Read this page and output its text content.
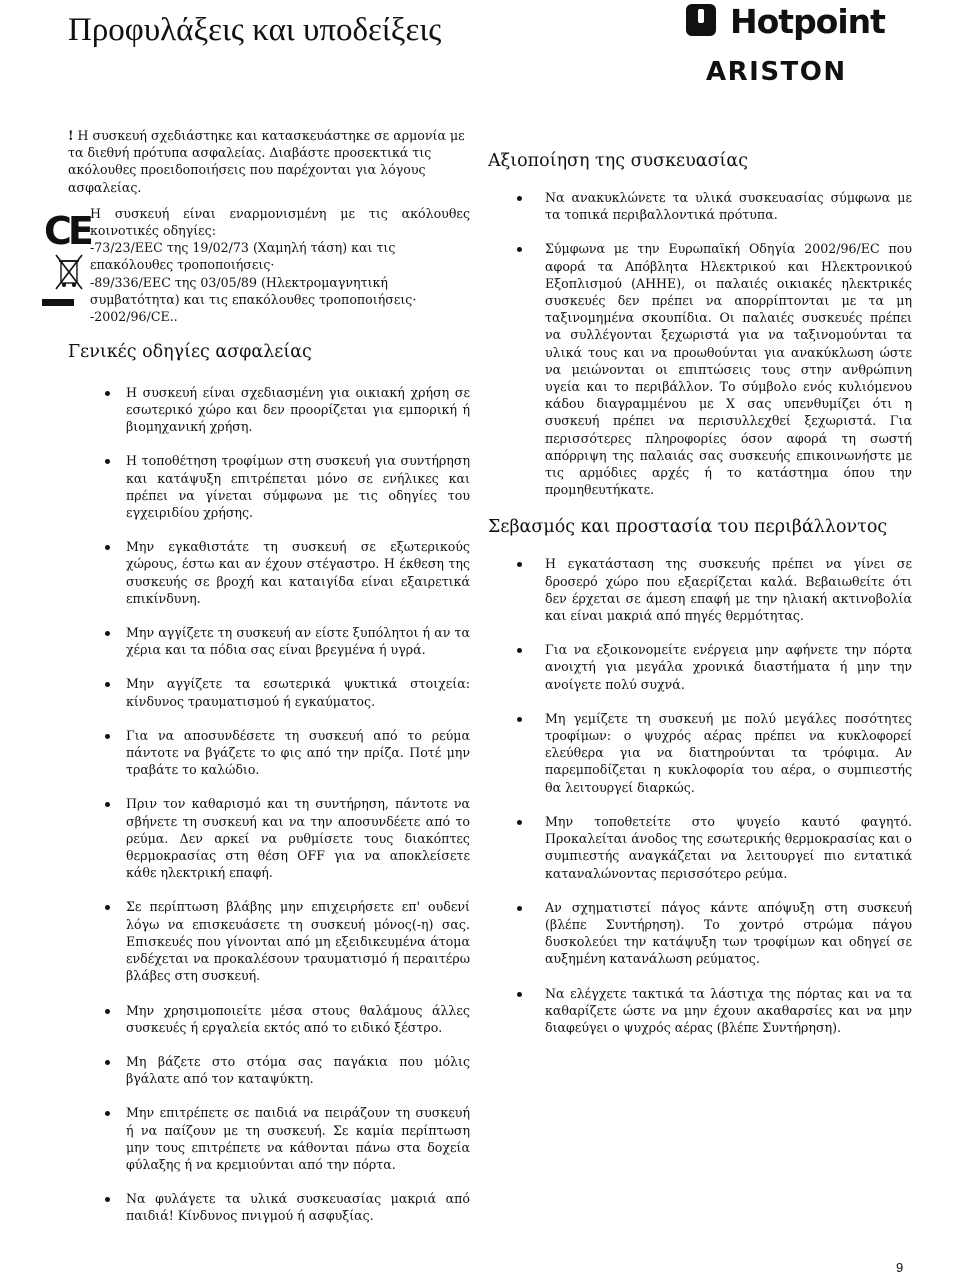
Προφυλάξεις και υποδείξεις	Hotpoint
ARISTON
! Η συσκευή σχεδιάστηκε και κατασκευάστηκε σε αρμονία με τα διεθνή πρότυπα ασφαλείας. Διαβάστε προσεκτικά τις ακόλουθες προειδοποιήσεις που παρέχονται για λόγους ασφαλείας.
CE Η συσκευή είναι εναρμονισμένη με τις ακόλουθες
κοινοτικές οδηγίες:
-73/23/EEC της 19/02/73 (Χαμηλή τάση) και τις
επακόλουθες τροποποιήσεις·
-89/336/EEC της 03/05/89 (Ηλεκτρομαγνητική
συμβατότητα) και τις επακόλουθες τροποποιήσεις·
-2002/96/CE..
Γενικές οδηγίες ασφαλείας
Η συσκευή είναι σχεδιασμένη για οικιακή χρήση σε εσωτερικό χώρο και δεν προορίζεται για εμπορική ή βιομηχανική χρήση.
Η τοποθέτηση τροφίμων στη συσκευή για συντήρηση και κατάψυξη επιτρέπεται μόνο σε ενήλικες και πρέπει να γίνεται σύμφωνα με τις οδηγίες του εγχειριδίου χρήσης.
Μην εγκαθιστάτε τη συσκευή σε εξωτερικούς χώρους, έστω και αν έχουν στέγαστρο. Η έκθεση της συσκευής σε βροχή και καταιγίδα είναι εξαιρετικά επικίνδυνη.
Μην αγγίζετε τη συσκευή αν είστε ξυπόλητοι ή αν τα χέρια και τα πόδια σας είναι βρεγμένα ή υγρά.
Μην αγγίζετε τα εσωτερικά ψυκτικά στοιχεία: κίνδυνος τραυματισμού ή εγκαύματος.
Για να αποσυνδέσετε τη συσκευή από το ρεύμα πάντοτε να βγάζετε το φις από την πρίζα. Ποτέ μην τραβάτε το καλώδιο.
Πριν τον καθαρισμό και τη συντήρηση, πάντοτε να σβήνετε τη συσκευή και να την αποσυνδέετε από το ρεύμα. Δεν αρκεί να ρυθμίσετε τους διακόπτες θερμοκρασίας στη θέση OFF για να αποκλείσετε κάθε ηλεκτρική επαφή.
Σε περίπτωση βλάβης μην επιχειρήσετε επ' ουδενί λόγω να επισκευάσετε τη συσκευή μόνος(-η) σας. Επισκευές που γίνονται από μη εξειδικευμένα άτομα ενδέχεται να προκαλέσουν τραυματισμό ή περαιτέρω βλάβες στη συσκευή.
Μην χρησιμοποιείτε μέσα στους θαλάμους άλλες συσκευές ή εργαλεία εκτός από το ειδικό ξέστρο.
Μη βάζετε στο στόμα σας παγάκια που μόλις βγάλατε από τον καταψύκτη.
Μην επιτρέπετε σε παιδιά να πειράζουν τη συσκευή ή να παίζουν με τη συσκευή. Σε καμία περίπτωση μην τους επιτρέπετε να κάθονται πάνω στα δοχεία φύλαξης ή να κρεμιούνται από την πόρτα.
Να φυλάγετε τα υλικά συσκευασίας μακριά από παιδιά! Κίνδυνος πνιγμού ή ασφυξίας.
Αξιοποίηση της συσκευασίας
Να ανακυκλώνετε τα υλικά συσκευασίας σύμφωνα με τα τοπικά περιβαλλοντικά πρότυπα.
Σύμφωνα με την Ευρωπαϊκή Οδηγία 2002/96/EC που αφορά τα Απόβλητα Ηλεκτρικού και Ηλεκτρονικού Εξοπλισμού (ΑΗΗΕ), οι παλαιές οικιακές ηλεκτρικές συσκευές δεν πρέπει να απορρίπτονται με τα μη ταξινομημένα σκουπίδια. Οι παλαιές συσκευές πρέπει να συλλέγονται ξεχωριστά για να ταξινομούνται τα υλικά τους και να προωθούνται για ανακύκλωση ώστε να μειώνονται οι επιπτώσεις τους στην ανθρώπινη υγεία και το περιβάλλον. Το σύμβολο ενός κυλιόμενου κάδου διαγραμμένου με Χ σας υπενθυμίζει ότι η συσκευή πρέπει να περισυλλεχθεί ξεχωριστά. Για περισσότερες πληροφορίες όσον αφορά τη σωστή απόρριψη της παλαιάς σας συσκευής επικοινωνήστε με τις αρμόδιες αρχές ή το κατάστημα όπου την προμηθευτήκατε.
Σεβασμός και προστασία του περιβάλλοντος
Η εγκατάσταση της συσκευής πρέπει να γίνει σε δροσερό χώρο που εξαερίζεται καλά. Βεβαιωθείτε ότι δεν έρχεται σε άμεση επαφή με την ηλιακή ακτινοβολία και είναι μακριά από πηγές θερμότητας.
Για να εξοικονομείτε ενέργεια μην αφήνετε την πόρτα ανοιχτή για μεγάλα χρονικά διαστήματα ή μην την ανοίγετε πολύ συχνά.
Μη γεμίζετε τη συσκευή με πολύ μεγάλες ποσότητες τροφίμων: ο ψυχρός αέρας πρέπει να κυκλοφορεί ελεύθερα για να διατηρούνται τα τρόφιμα. Αν παρεμποδίζεται η κυκλοφορία του αέρα, ο συμπιεστής θα λειτουργεί διαρκώς.
Μην τοποθετείτε στο ψυγείο καυτό φαγητό. Προκαλείται άνοδος της εσωτερικής θερμοκρασίας και ο συμπιεστής αναγκάζεται να λειτουργεί πιο εντατικά καταναλώνοντας περισσότερο ρεύμα.
Αν σχηματιστεί πάγος κάντε απόψυξη στη συσκευή (βλέπε Συντήρηση). Το χοντρό στρώμα πάγου δυσκολεύει την κατάψυξη των τροφίμων και οδηγεί σε αυξημένη κατανάλωση ρεύματος.
Να ελέγχετε τακτικά τα λάστιχα της πόρτας και να τα καθαρίζετε ώστε να μην έχουν ακαθαρσίες και να μην διαφεύγει ο ψυχρός αέρας (βλέπε Συντήρηση).
9
